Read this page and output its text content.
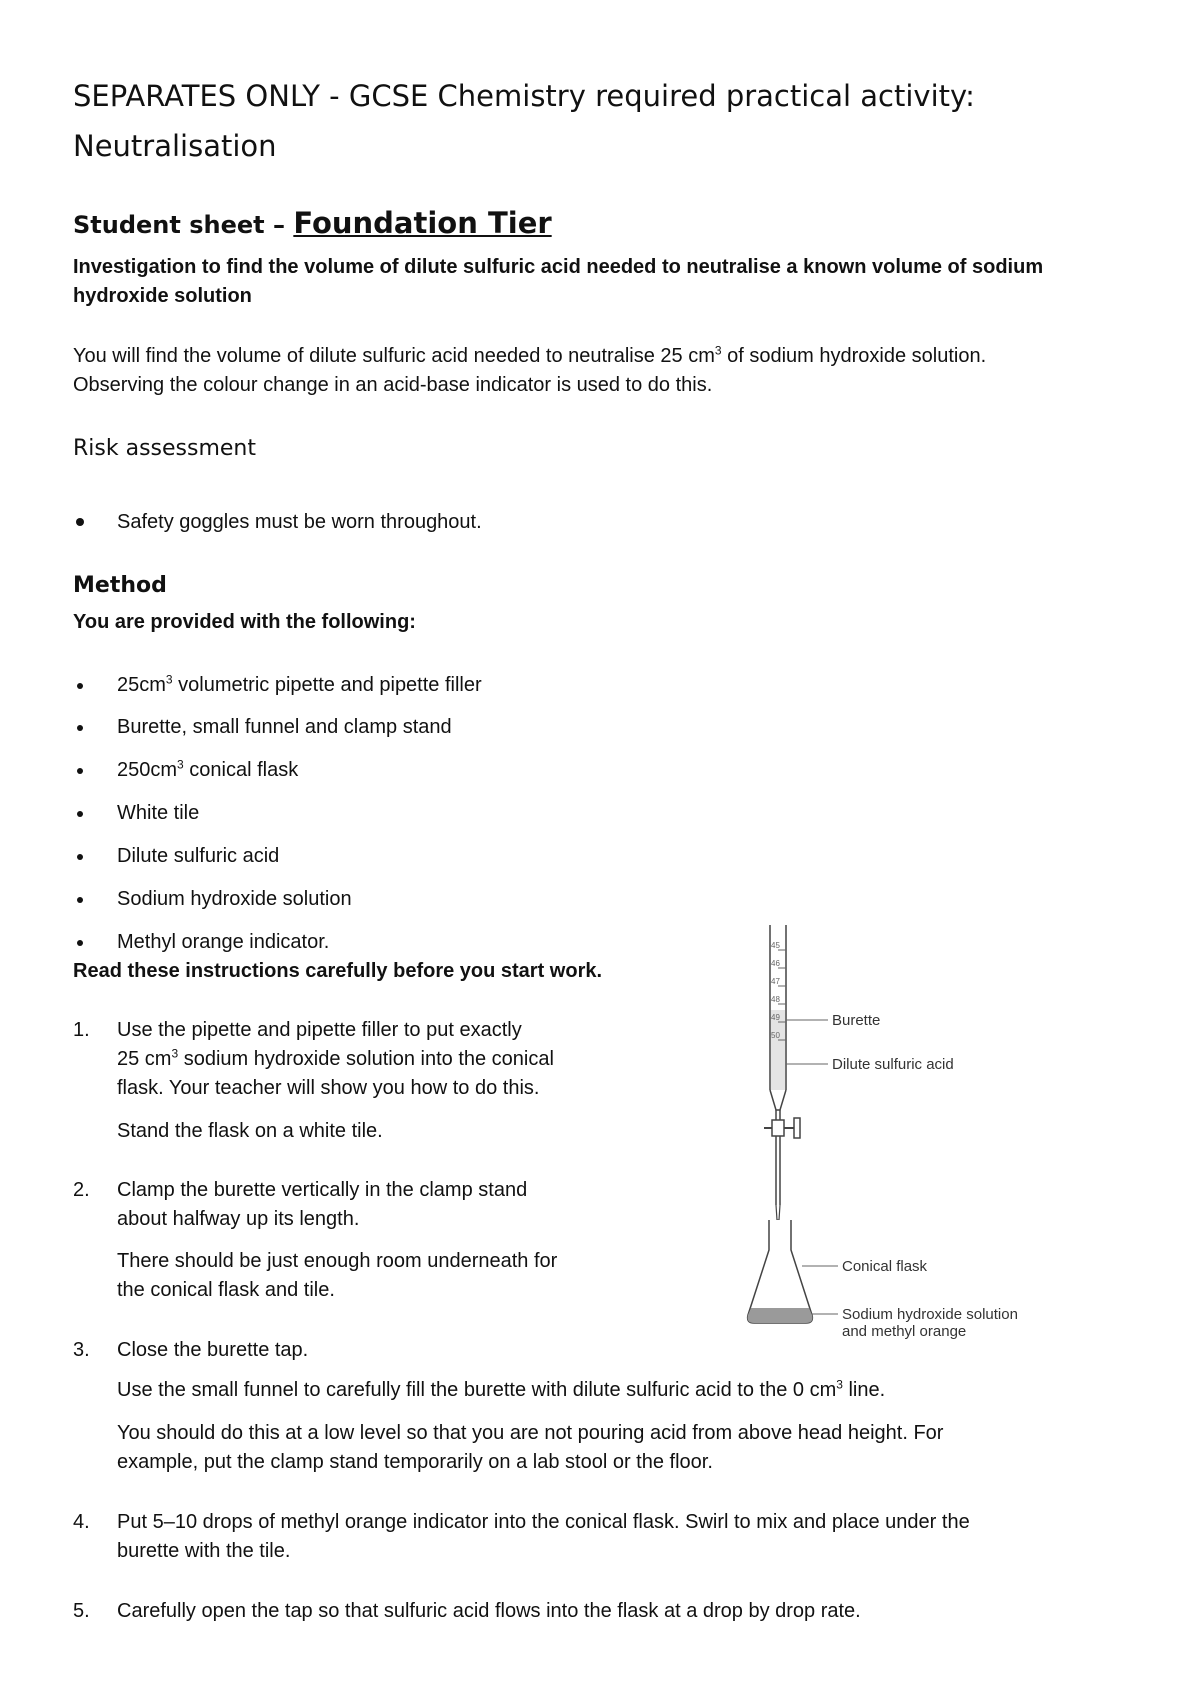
SEPARATES ONLY - GCSE Chemistry required practical activity:
Neutralisation
Student sheet – Foundation Tier

Investigation to find the volume of dilute sulfuric acid needed to neutralise a known volume of sodium hydroxide solution

You will find the volume of dilute sulfuric acid needed to neutralise 25 $cm^3$ of sodium hydroxide solution.
Observing the colour change in an acid-base indicator is used to do this.

Risk assessment

Safety goggles must be worn throughout.

Method

You are provided with the following:

$25cm^3$ volumetric pipette and pipette filler

Burette, small funnel and clamp stand

$250cm^3$ conical flask

White tile

Dilute sulfuric acid

Sodium hydroxide solution

Methyl orange indicator.

Read these instructions carefully before you start work.

1. Use the pipette and pipette filler to put exactly
25 $cm^3$ sodium hydroxide solution into the conical
flask. Your teacher will show you how to do this.

Stand the flask on a white tile.

2. Clamp the burette vertically in the clamp stand
about halfway up its length.

There should be just enough room underneath for
the conical flask and tile.

3. Close the burette tap.

Use the small funnel to carefully fill the burette with dilute sulfuric acid to the 0 $cm^3$ line.

You should do this at a low level so that you are not pouring acid from above head height. For
example, put the clamp stand temporarily on a lab stool or the floor.

4. Put 5–10 drops of methyl orange indicator into the conical flask. Swirl to mix and place under the
burette with the tile.

5. Carefully open the tap so that sulfuric acid flows into the flask at a drop by drop rate.

45
46
47
48
49
50
Burette
Dilute sulfuric acid
Conical flask
Sodium hydroxide solution
and methyl orange
